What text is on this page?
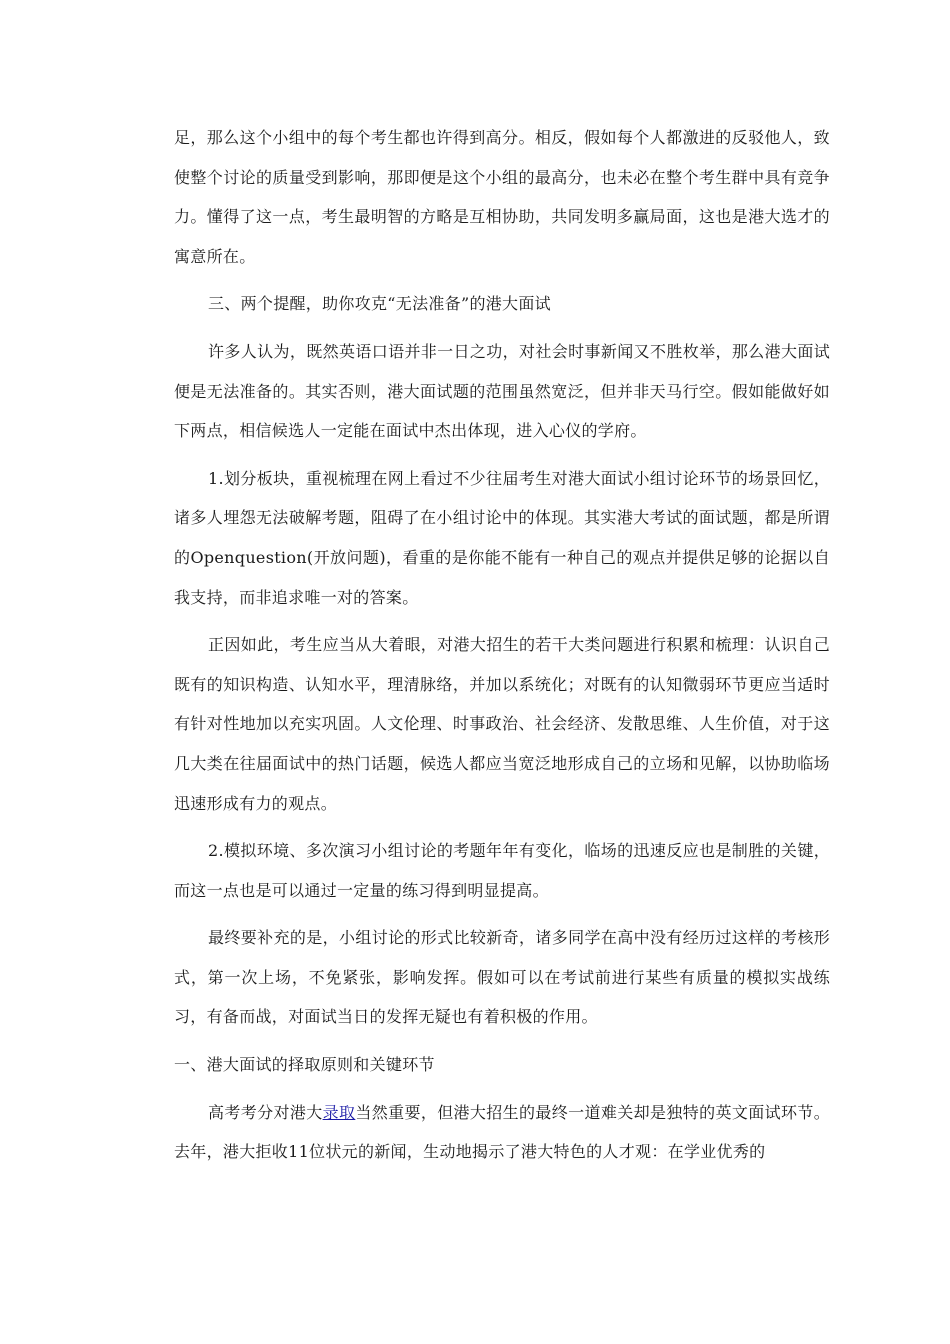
足，那么这个小组中的每个考生都也许得到高分。相反，假如每个人都激进的反驳他人，致使整个讨论的质量受到影响，那即便是这个小组的最高分，也未必在整个考生群中具有竞争力。懂得了这一点，考生最明智的方略是互相协助，共同发明多赢局面，这也是港大选才的寓意所在。

三、两个提醒，助你攻克“无法准备”的港大面试

许多人认为，既然英语口语并非一日之功，对社会时事新闻又不胜枚举，那么港大面试便是无法准备的。其实否则，港大面试题的范围虽然宽泛，但并非天马行空。假如能做好如下两点，相信候选人一定能在面试中杰出体现，进入心仪的学府。

1.划分板块，重视梳理在网上看过不少往届考生对港大面试小组讨论环节的场景回忆，诸多人埋怨无法破解考题，阻碍了在小组讨论中的体现。其实港大考试的面试题，都是所谓的Openquestion(开放问题)，看重的是你能不能有一种自己的观点并提供足够的论据以自我支持，而非追求唯一对的答案。

正因如此，考生应当从大着眼，对港大招生的若干大类问题进行积累和梳理：认识自己既有的知识构造、认知水平，理清脉络，并加以系统化；对既有的认知微弱环节更应当适时有针对性地加以充实巩固。人文伦理、时事政治、社会经济、发散思维、人生价值，对于这几大类在往届面试中的热门话题，候选人都应当宽泛地形成自己的立场和见解，以协助临场迅速形成有力的观点。

2.模拟环境、多次演习小组讨论的考题年年有变化，临场的迅速反应也是制胜的关键，而这一点也是可以通过一定量的练习得到明显提高。

最终要补充的是，小组讨论的形式比较新奇，诸多同学在高中没有经历过这样的考核形式，第一次上场，不免紧张，影响发挥。假如可以在考试前进行某些有质量的模拟实战练习，有备而战，对面试当日的发挥无疑也有着积极的作用。

一、港大面试的择取原则和关键环节

高考考分对港大录取当然重要，但港大招生的最终一道难关却是独特的英文面试环节。去年，港大拒收11位状元的新闻，生动地揭示了港大特色的人才观：在学业优秀的
